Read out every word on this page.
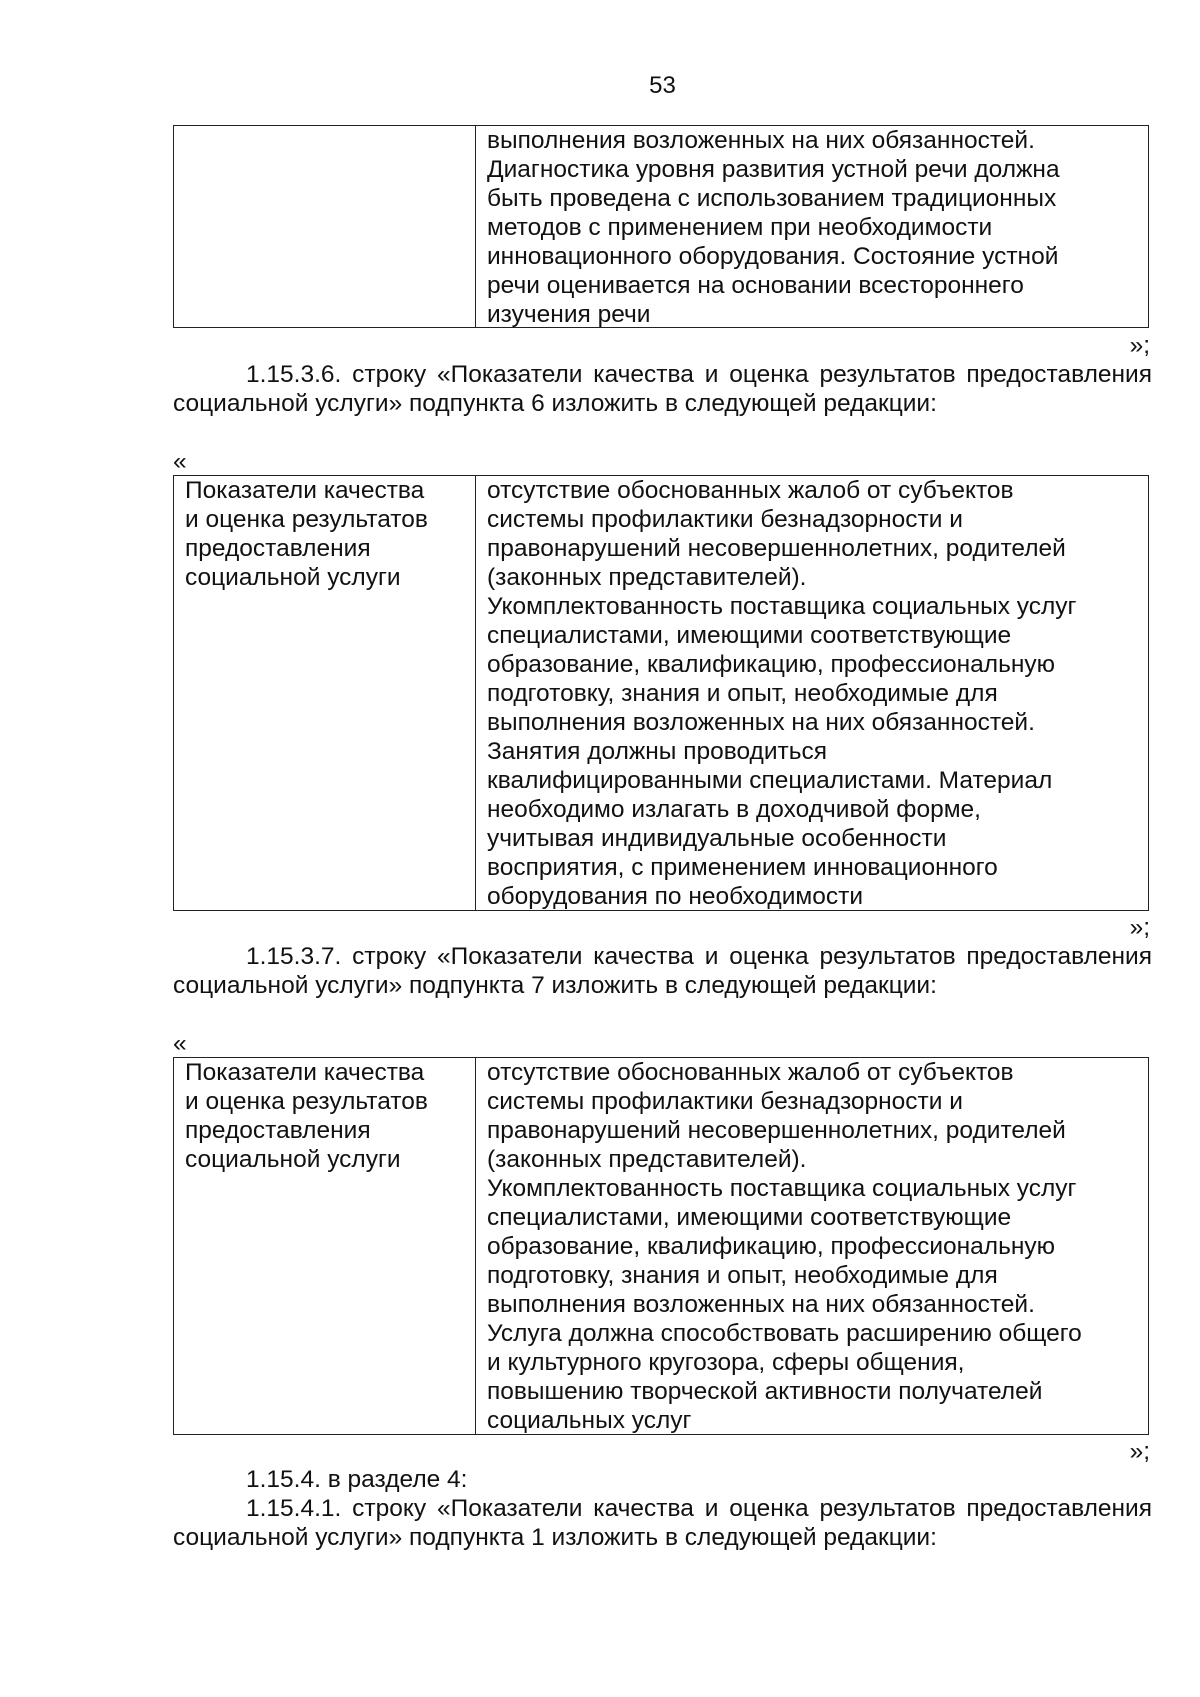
53
выполнения возложенных на них обязанностей.
Диагностика уровня развития устной речи должна
быть проведена с использованием традиционных
методов с применением при необходимости
инновационного оборудования. Состояние устной
речи оценивается на основании всестороннего
изучения речи
»;
1.15.3.6. строку «Показатели качества и оценка результатов предоставления социальной услуги» подпункта 6 изложить в следующей редакции:
«
Показатели качества
и оценка результатов
предоставления
социальной услуги
отсутствие обоснованных жалоб от субъектов
системы профилактики безнадзорности и
правонарушений несовершеннолетних, родителей
(законных представителей).
Укомплектованность поставщика социальных услуг
специалистами, имеющими соответствующие
образование, квалификацию, профессиональную
подготовку, знания и опыт, необходимые для
выполнения возложенных на них обязанностей.
Занятия должны проводиться
квалифицированными специалистами. Материал
необходимо излагать в доходчивой форме,
учитывая индивидуальные особенности
восприятия, с применением инновационного
оборудования по необходимости
»;
1.15.3.7. строку «Показатели качества и оценка результатов предоставления социальной услуги» подпункта 7 изложить в следующей редакции:
«
Показатели качества
и оценка результатов
предоставления
социальной услуги
отсутствие обоснованных жалоб от субъектов
системы профилактики безнадзорности и
правонарушений несовершеннолетних, родителей
(законных представителей).
Укомплектованность поставщика социальных услуг
специалистами, имеющими соответствующие
образование, квалификацию, профессиональную
подготовку, знания и опыт, необходимые для
выполнения возложенных на них обязанностей.
Услуга должна способствовать расширению общего
и культурного кругозора, сферы общения,
повышению творческой активности получателей
социальных услуг
»;
1.15.4. в разделе 4:
1.15.4.1. строку «Показатели качества и оценка результатов предоставления социальной услуги» подпункта 1 изложить в следующей редакции:
